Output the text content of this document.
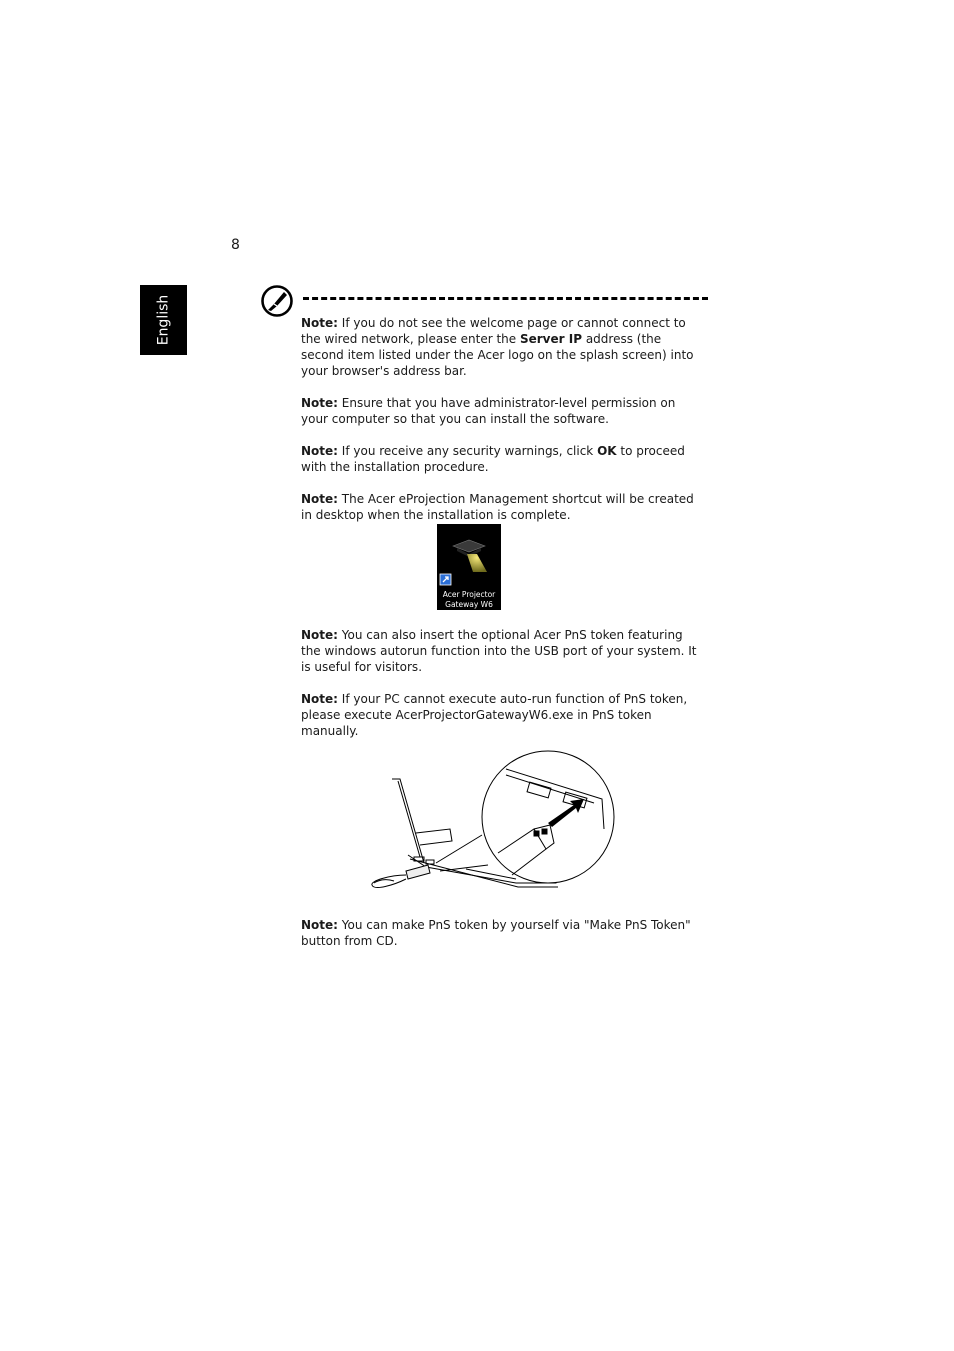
8
English	Note: If you do not see the welcome page or cannot connect to the wired network, please enter the Server IP address (the second item listed under the Acer logo on the splash screen) into your browser's address bar.

Note: Ensure that you have administrator-level permission on your computer so that you can install the software.

Note: If you receive any security warnings, click OK to proceed with the installation procedure.

Note: The Acer eProjection Management shortcut will be created in desktop when the installation is complete.

Acer Projector
Gateway W6

Note: You can also insert the optional Acer PnS token featuring the windows autorun function into the USB port of your system. It is useful for visitors.

Note: If your PC cannot execute auto-run function of PnS token, please execute AcerProjectorGatewayW6.exe in PnS token manually.

Note: You can make PnS token by yourself via "Make PnS Token" button from CD.
